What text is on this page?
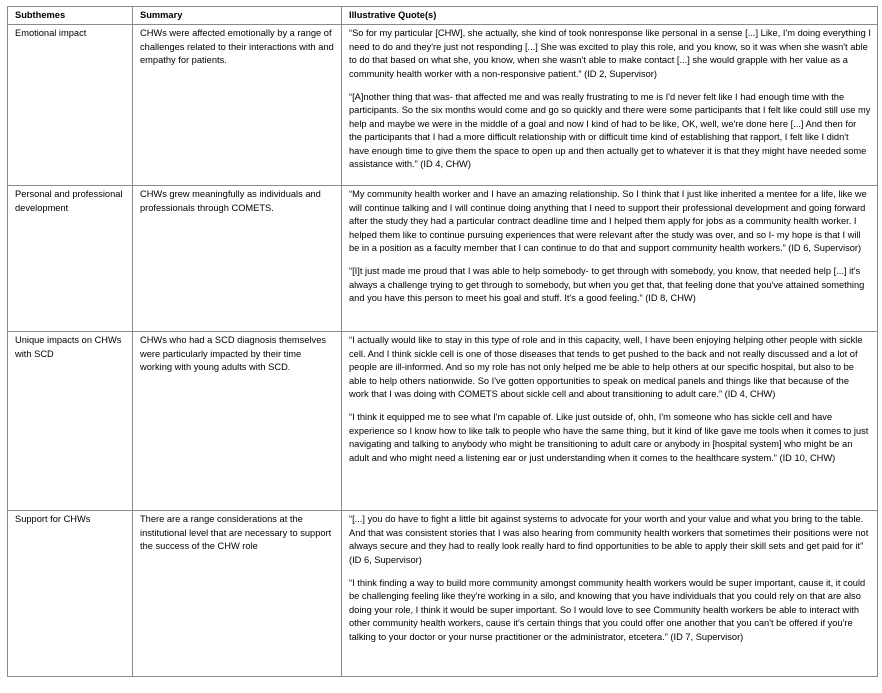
Subthemes	Summary	Illustrative Quote(s)
Emotional impact	CHWs were affected emotionally by a range of challenges related to their interactions with and empathy for patients.	“So for my particular [CHW], she actually, she kind of took nonresponse like personal in a sense [...] Like, I'm doing everything I need to do and they're just not responding [...] She was excited to play this role, and you know, so it was when she wasn't able to do that based on what she, you know, when she wasn't able to make contact [...] she would grapple with her value as a community health worker with a non-responsive patient.” (ID 2, Supervisor)

“[A]nother thing that was- that affected me and was really frustrating to me is I'd never felt like I had enough time with the participants. So the six months would come and go so quickly and there were some participants that I felt like could still use my help and maybe we were in the middle of a goal and now I kind of had to be like, OK, well, we're done here [...] And then for the participants that I had a more difficult relationship with or difficult time kind of establishing that rapport, I felt like I didn't have enough time to give them the space to open up and then actually get to whatever it is that they might have needed some assistance with.” (ID 4, CHW)

Personal and professional development	CHWs grew meaningfully as individuals and professionals through COMETS.	“My community health worker and I have an amazing relationship. So I think that I just like inherited a mentee for a life, like we will continue talking and I will continue doing anything that I need to support their professional development and going forward after the study they had a particular contract deadline time and I helped them apply for jobs as a community health worker. I helped them like to continue pursuing experiences that were relevant after the study was over, and so I- my hope is that I will be in a position as a faculty member that I can continue to do that and support community health workers.” (ID 6, Supervisor)

“[I]t just made me proud that I was able to help somebody- to get through with somebody, you know, that needed help [...] it's always a challenge trying to get through to somebody, but when you get that, that feeling done that you've attained something and you have this person to meet his goal and stuff. It's a good feeling.” (ID 8, CHW)

Unique impacts on CHWs with SCD	CHWs who had a SCD diagnosis themselves were particularly impacted by their time working with young adults with SCD.	“I actually would like to stay in this type of role and in this capacity, well, I have been enjoying helping other people with sickle cell. And I think sickle cell is one of those diseases that tends to get pushed to the back and not really discussed and a lot of people are ill-informed. And so my role has not only helped me be able to help others at our specific hospital, but also to be able to help others nationwide. So I've gotten opportunities to speak on medical panels and things like that because of the work that I was doing with COMETS about sickle cell and about transitioning to adult care.” (ID 4, CHW)

“I think it equipped me to see what I'm capable of. Like just outside of, ohh, I'm someone who has sickle cell and have experience so I know how to like talk to people who have the same thing, but it kind of like gave me tools when it comes to just navigating and talking to anybody who might be transitioning to adult care or anybody in [hospital system] who might be an adult and who might need a listening ear or just understanding when it comes to the healthcare system.” (ID 10, CHW)

Support for CHWs	There are a range considerations at the institutional level that are necessary to support the success of the CHW role	“[...] you do have to fight a little bit against systems to advocate for your worth and your value and what you bring to the table. And that was consistent stories that I was also hearing from community health workers that sometimes their positions were not always secure and they had to really look really hard to find opportunities to be able to apply their skill sets and get paid for it” (ID 6, Supervisor)

“I think finding a way to build more community amongst community health workers would be super important, cause it, it could be challenging feeling like they're working in a silo, and knowing that you have individuals that you could rely on that are also doing your role, I think it would be super important. So I would love to see Community health workers be able to interact with other community health workers, cause it's certain things that you could offer one another that you can't be offered if you're talking to your doctor or your nurse practitioner or the administrator, etcetera.” (ID 7, Supervisor)
